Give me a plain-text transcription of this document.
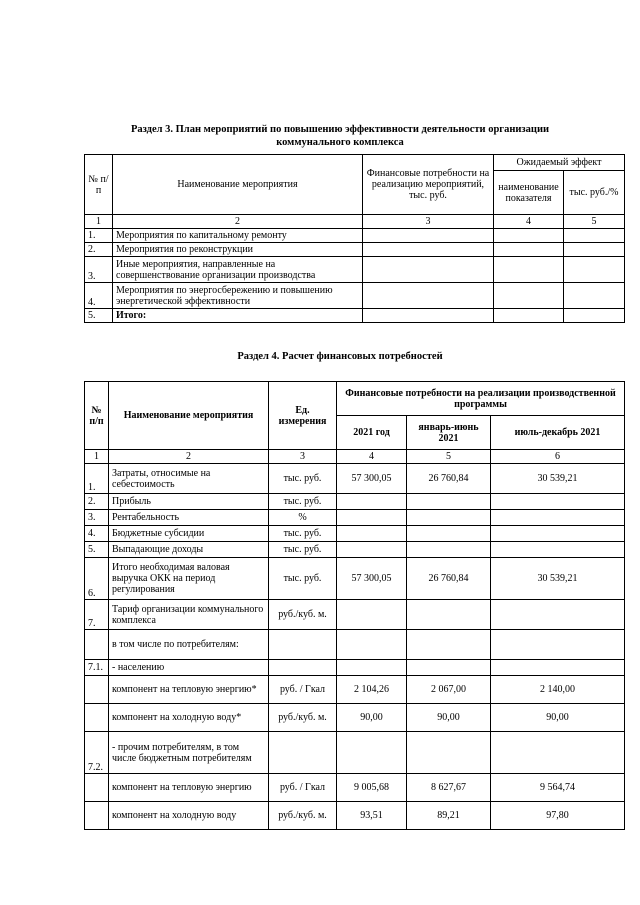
Раздел 3. План мероприятий по повышению эффективности деятельности организации
коммунального комплекса
№ п/п	Наименование мероприятия	Финансовые потребности на реализацию мероприятий, тыс. руб.	Ожидаемый эффект	
			наименование показателя	тыс. руб./%
1	2	3	4	5
1.	Мероприятия по капитальному ремонту			
2.	Мероприятия по реконструкции			
3.	Иные мероприятия, направленные на совершенствование организации производства			
4.	Мероприятия по энергосбережению и повышению энергетической эффективности			
5.	Итого:			
Раздел 4. Расчет финансовых потребностей
№ п/п	Наименование мероприятия	Ед. измерения	Финансовые потребности на реализации производственной программы		
			2021 год	январь-июнь 2021	июль-декабрь 2021
1	2	3	4	5	6
1.	Затраты, относимые на себестоимость	тыс. руб.	57 300,05	26 760,84	30 539,21
2.	Прибыль	тыс. руб.			
3.	Рентабельность	%			
4.	Бюджетные субсидии	тыс. руб.			
5.	Выпадающие доходы	тыс. руб.			
6.	Итого необходимая валовая выручка ОКК на период регулирования	тыс. руб.	57 300,05	26 760,84	30 539,21
7.	Тариф организации коммунального комплекса	руб./куб. м.			
	в том числе по потребителям:				
7.1.	- населению				
	компонент на тепловую энергию*	руб. / Гкал	2 104,26	2 067,00	2 140,00
	компонент на холодную воду*	руб./куб. м.	90,00	90,00	90,00
7.2.	- прочим потребителям, в том числе бюджетным потребителям				
	компонент на тепловую энергию	руб. / Гкал	9 005,68	8 627,67	9 564,74
	компонент на холодную воду	руб./куб. м.	93,51	89,21	97,80
